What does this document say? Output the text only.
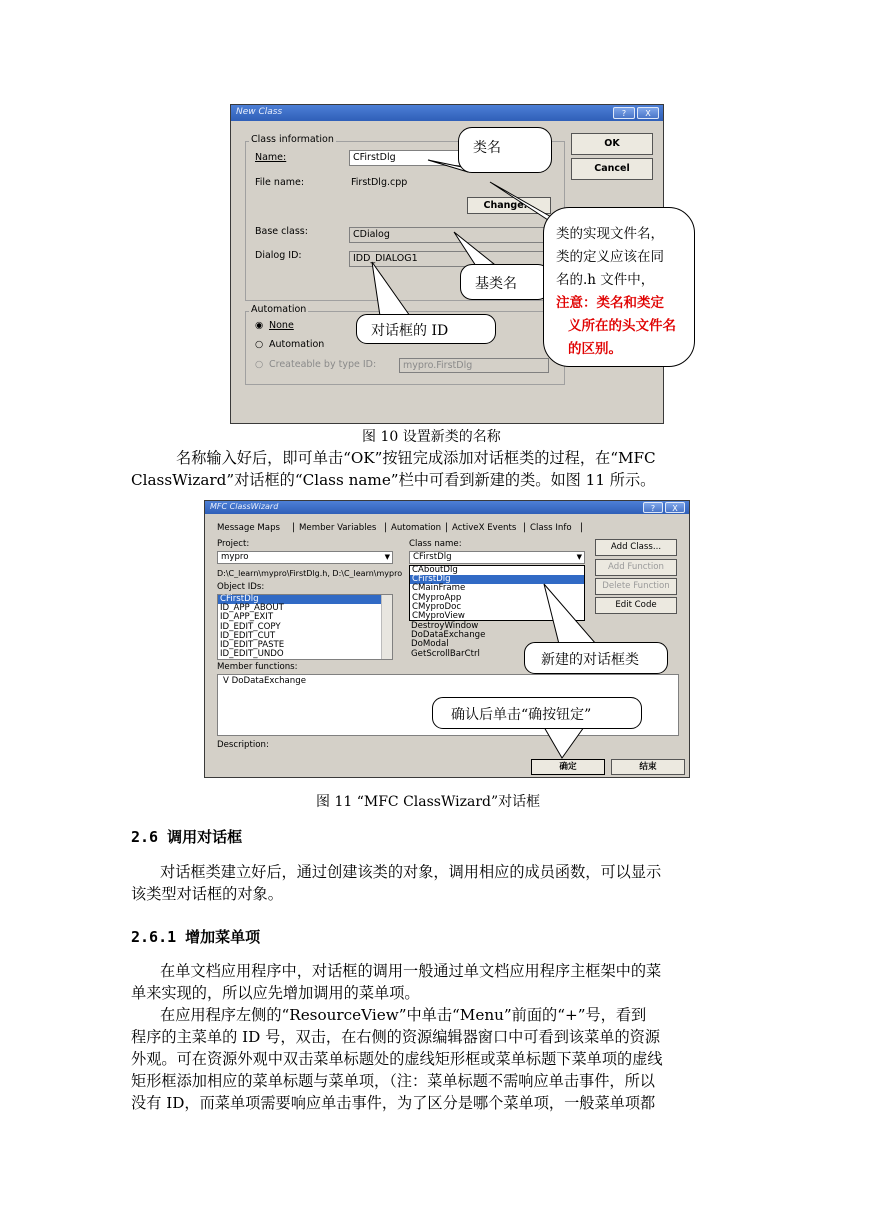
New Class	?	X
Class information
Name:	CFirstDlg
File name:	FirstDlg.cpp
Change...
Base class:	CDialog
Dialog ID:	IDD_DIALOG1
OK
Cancel
Automation
◉ None
○ Automation
○ Createable by type ID:	mypro.FirstDlg
类名
基类名
对话框的 ID
类的实现文件名，
类的定义应该在同
名的.h 文件中，
注意：类名和类定
义所在的头文件名
的区别。
图 10 设置新类的名称
名称输入好后，即可单击“OK”按钮完成添加对话框类的过程，在“MFC
ClassWizard”对话框的“Class name”栏中可看到新建的类。如图 11 所示。
MFC ClassWizard	?	X
Message Maps | Member Variables | Automation | ActiveX Events | Class Info |
Project:
mypro	▼
Class name:
CFirstDlg	▼
D:\C_learn\mypro\FirstDlg.h, D:\C_learn\mypro
Object IDs:
CFirstDlg
ID_APP_ABOUT
ID_APP_EXIT
ID_EDIT_COPY
ID_EDIT_CUT
ID_EDIT_PASTE
ID_EDIT_UNDO
CAboutDlg
CFirstDlg
CMainFrame
CMyproApp
CMyproDoc
CMyproView
DestroyWindow
DoDataExchange
DoModal
GetScrollBarCtrl
Add Class...
Add Function
Delete Function
Edit Code
Member functions:
V DoDataExchange
Description:
确定	结束
新建的对话框类
确认后单击“确按钮定”
图 11 “MFC ClassWizard”对话框
2.6 调用对话框
对话框类建立好后，通过创建该类的对象，调用相应的成员函数，可以显示
该类型对话框的对象。
2.6.1 增加菜单项
在单文档应用程序中，对话框的调用一般通过单文档应用程序主框架中的菜
单来实现的，所以应先增加调用的菜单项。
在应用程序左侧的“ResourceView”中单击“Menu”前面的“+”号，看到
程序的主菜单的 ID 号，双击，在右侧的资源编辑器窗口中可看到该菜单的资源
外观。可在资源外观中双击菜单标题处的虚线矩形框或菜单标题下菜单项的虚线
矩形框添加相应的菜单标题与菜单项，（注：菜单标题不需响应单击事件，所以
没有 ID，而菜单项需要响应单击事件，为了区分是哪个菜单项，一般菜单项都
